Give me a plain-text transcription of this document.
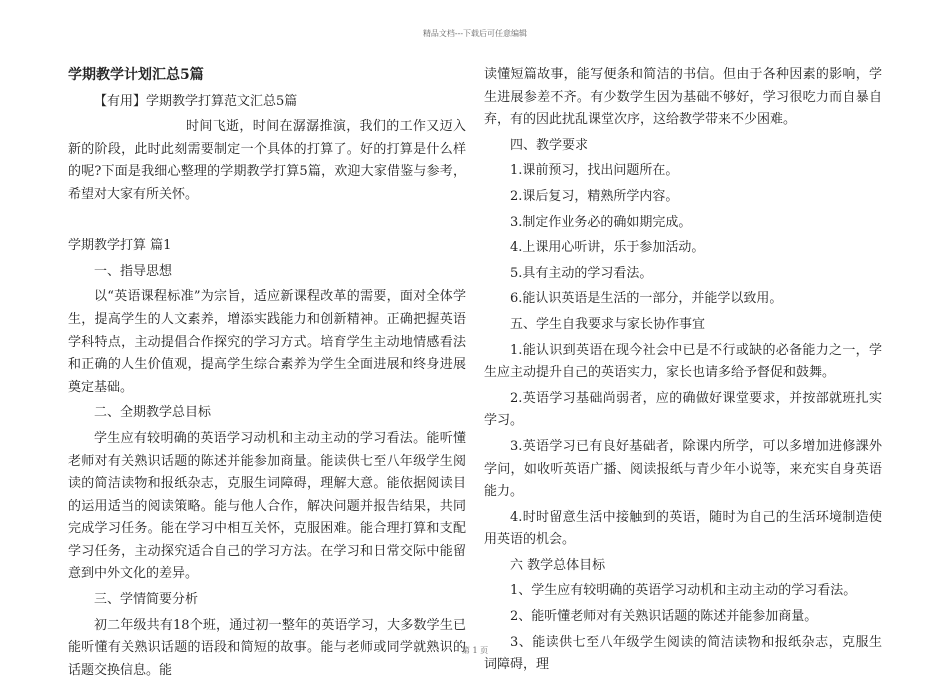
精品文档---下载后可任意编辑

学期教学计划汇总5篇

【有用】学期教学打算范文汇总5篇

时间飞逝，时间在潺潺推演，我们的工作又迈入新的阶段，此时此刻需要制定一个具体的打算了。好的打算是什么样的呢?下面是我细心整理的学期教学打算5篇，欢迎大家借鉴与参考，希望对大家有所关怀。

学期教学打算 篇1

一、指导思想

以“英语课程标准”为宗旨，适应新课程改革的需要，面对全体学生，提高学生的人文素养，增添实践能力和创新精神。正确把握英语学科特点，主动提倡合作探究的学习方式。培育学生主动地情感看法和正确的人生价值观，提高学生综合素养为学生全面进展和终身进展奠定基础。

二、全期教学总目标

学生应有较明确的英语学习动机和主动主动的学习看法。能听懂老师对有关熟识话题的陈述并能参加商量。能读供七至八年级学生阅读的简洁读物和报纸杂志，克服生词障碍，理解大意。能依据阅读目的运用适当的阅读策略。能与他人合作，解决问题并报告结果，共同完成学习任务。能在学习中相互关怀，克服困难。能合理打算和支配学习任务，主动探究适合自己的学习方法。在学习和日常交际中能留意到中外文化的差异。

三、学情简要分析

初二年级共有18个班，通过初一整年的英语学习，大多数学生已能听懂有关熟识话题的语段和简短的故事。能与老师或同学就熟识的话题交换信息。能

读懂短篇故事，能写便条和简洁的书信。但由于各种因素的影响，学生进展参差不齐。有少数学生因为基础不够好，学习很吃力而自暴自弃，有的因此扰乱课堂次序，这给教学带来不少困难。

四、教学要求

1.课前预习，找出问题所在。

2.课后复习，精熟所学内容。

3.制定作业务必的确如期完成。

4.上课用心听讲，乐于参加活动。

5.具有主动的学习看法。

6.能认识英语是生活的一部分，并能学以致用。

五、学生自我要求与家长协作事宜

1.能认识到英语在现今社会中已是不行或缺的必备能力之一，学生应主动提升自己的英语实力，家长也请多给予督促和鼓舞。

2.英语学习基础尚弱者，应的确做好课堂要求，并按部就班扎实学习。

3.英语学习已有良好基础者，除课内所学，可以多增加进修課外学问，如收听英语广播、阅读报纸与青少年小说等，来充实自身英语能力。

4.时时留意生活中接触到的英语，随时为自己的生活环境制造使用英语的机会。

六 教学总体目标

1、学生应有较明确的英语学习动机和主动主动的学习看法。

2、能听懂老师对有关熟识话题的陈述并能参加商量。

3、能读供七至八年级学生阅读的简洁读物和报纸杂志，克服生词障碍，理

第 1 页
